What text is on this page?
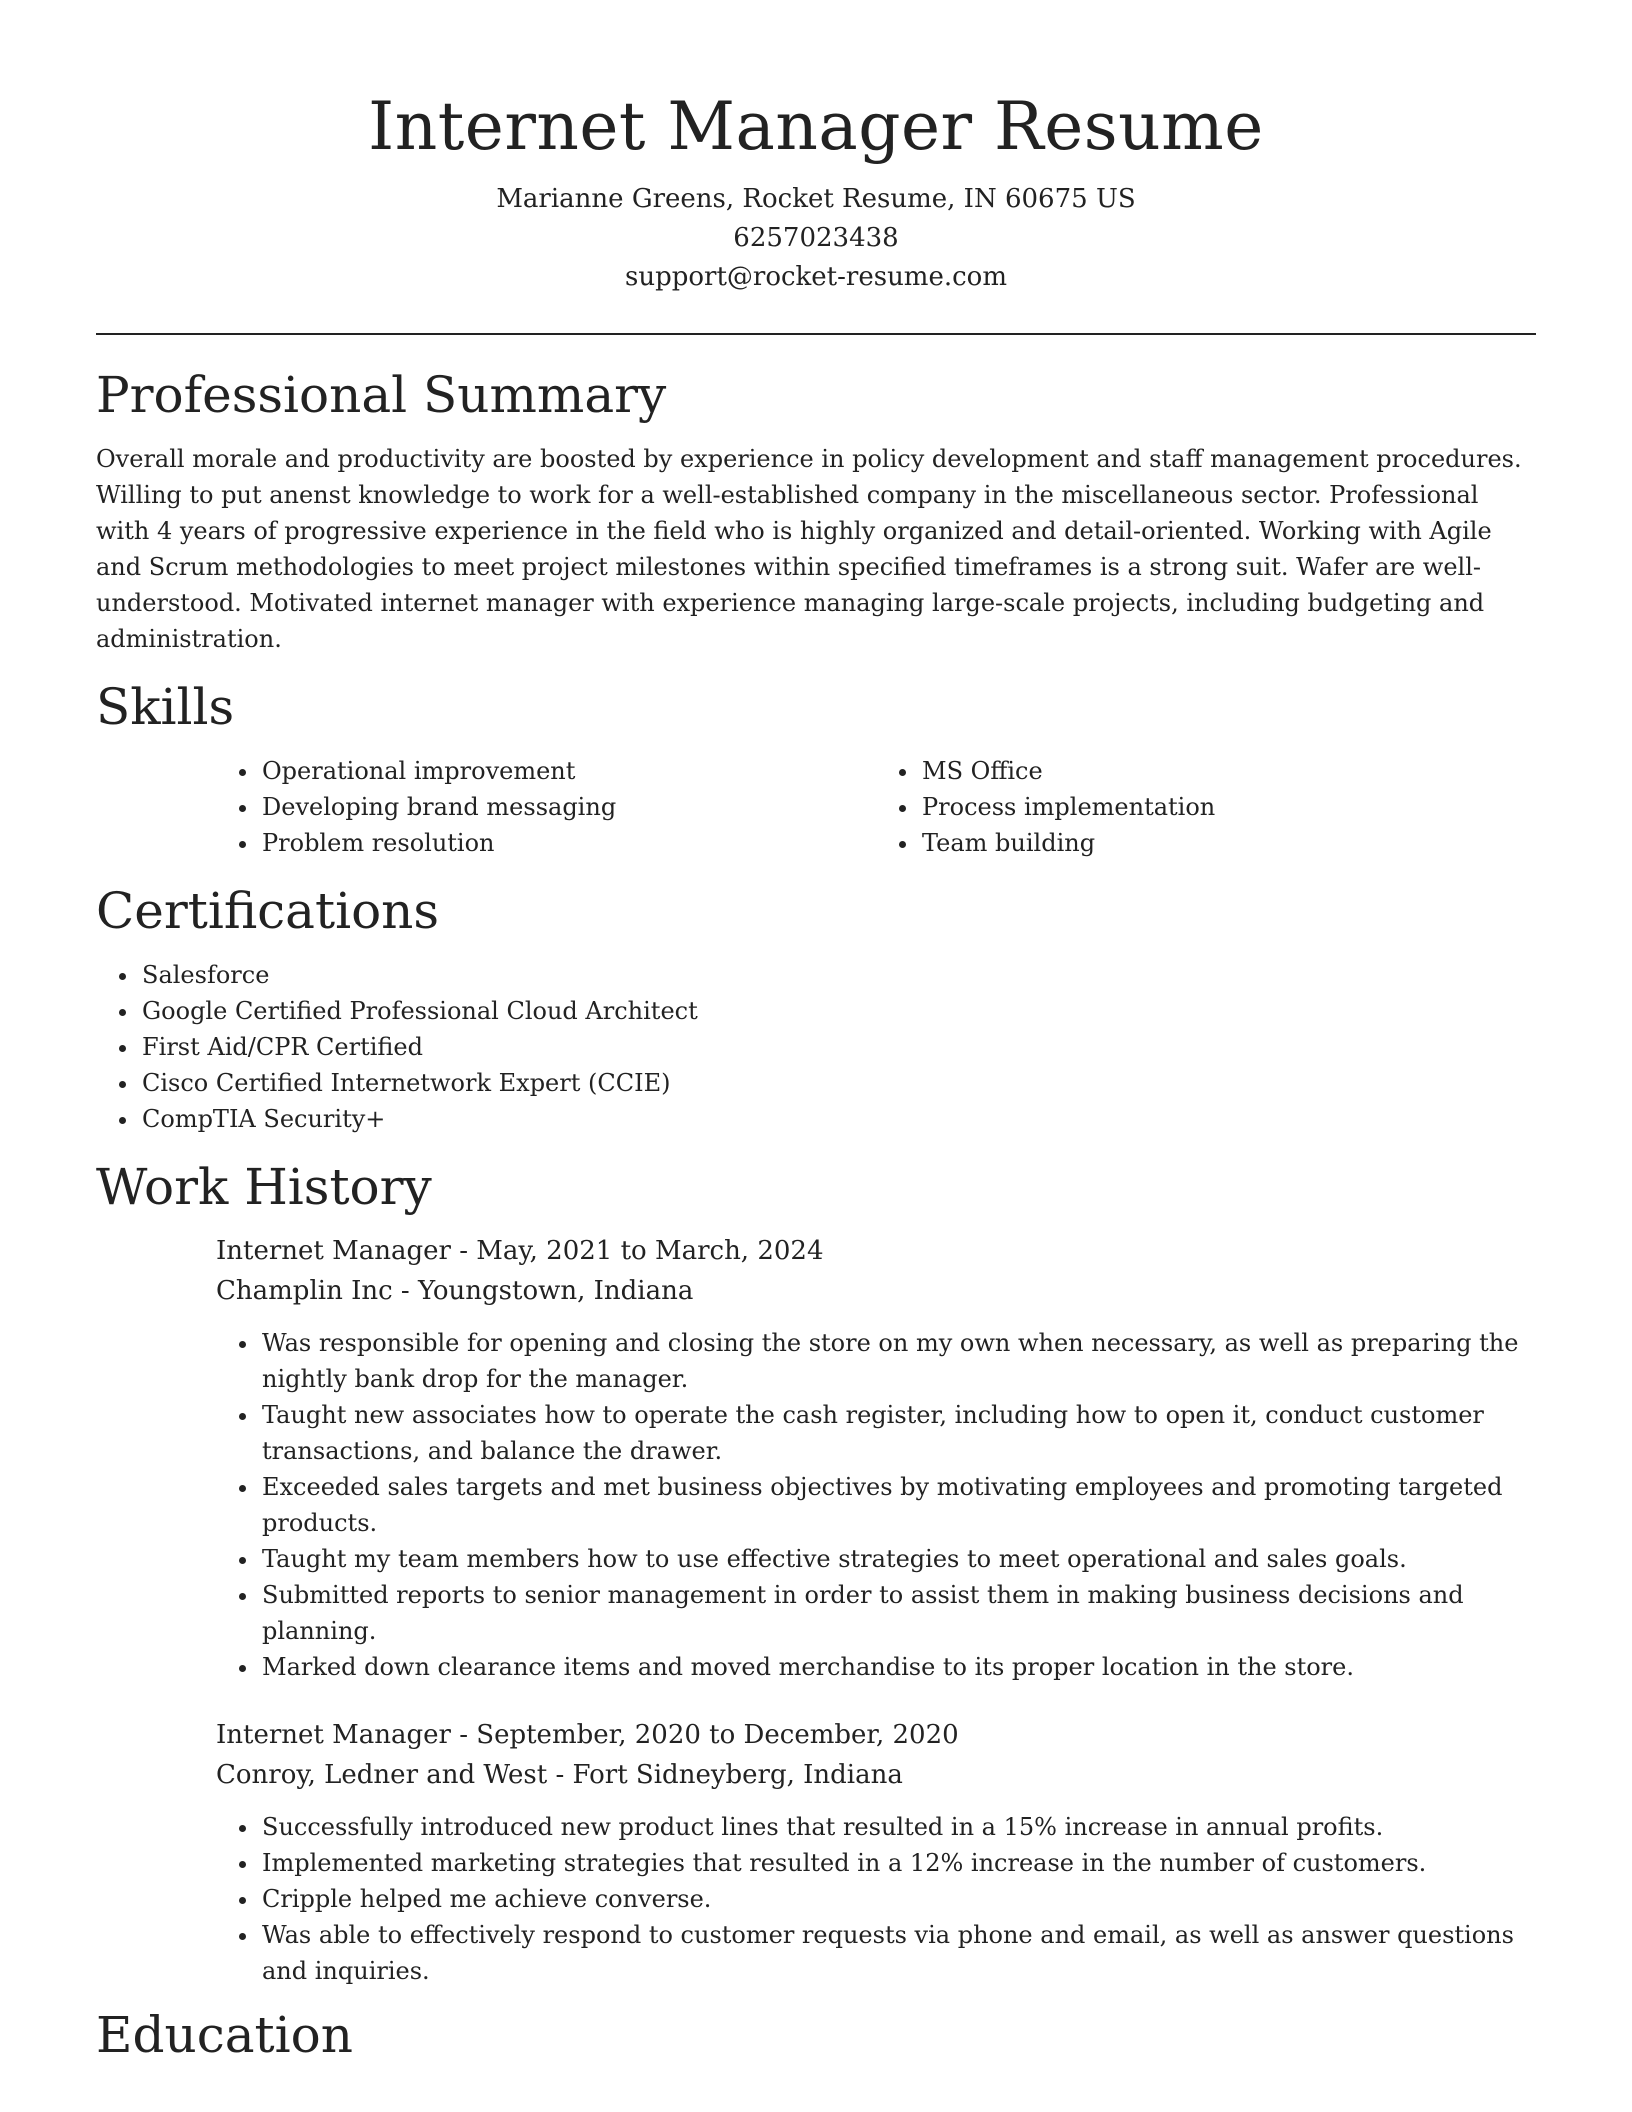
Internet Manager Resume

Marianne Greens, Rocket Resume, IN 60675 US

6257023438

support@rocket-resume.com

Professional Summary

Overall morale and productivity are boosted by experience in policy development and staff management procedures. Willing to put anenst knowledge to work for a well-established company in the miscellaneous sector. Professional with 4 years of progressive experience in the field who is highly organized and detail-oriented. Working with Agile and Scrum methodologies to meet project milestones within specified timeframes is a strong suit. Wafer are well-understood. Motivated internet manager with experience managing large-scale projects, including budgeting and administration.

Skills
• Operational improvement
• Developing brand messaging
• Problem resolution
• MS Office
• Process implementation
• Team building
Certifications
• Salesforce
• Google Certified Professional Cloud Architect
• First Aid/CPR Certified
• Cisco Certified Internetwork Expert (CCIE)
• CompTIA Security+
Work History

Internet Manager - May, 2021 to March, 2024

Champlin Inc - Youngstown, Indiana

• Was responsible for opening and closing the store on my own when necessary, as well as preparing the nightly bank drop for the manager.
• Taught new associates how to operate the cash register, including how to open it, conduct customer transactions, and balance the drawer.
• Exceeded sales targets and met business objectives by motivating employees and promoting targeted products.
• Taught my team members how to use effective strategies to meet operational and sales goals.
• Submitted reports to senior management in order to assist them in making business decisions and planning.
• Marked down clearance items and moved merchandise to its proper location in the store.

Internet Manager - September, 2020 to December, 2020

Conroy, Ledner and West - Fort Sidneyberg, Indiana

• Successfully introduced new product lines that resulted in a 15% increase in annual profits.
• Implemented marketing strategies that resulted in a 12% increase in the number of customers.
• Cripple helped me achieve converse.
• Was able to effectively respond to customer requests via phone and email, as well as answer questions and inquiries.
Education
